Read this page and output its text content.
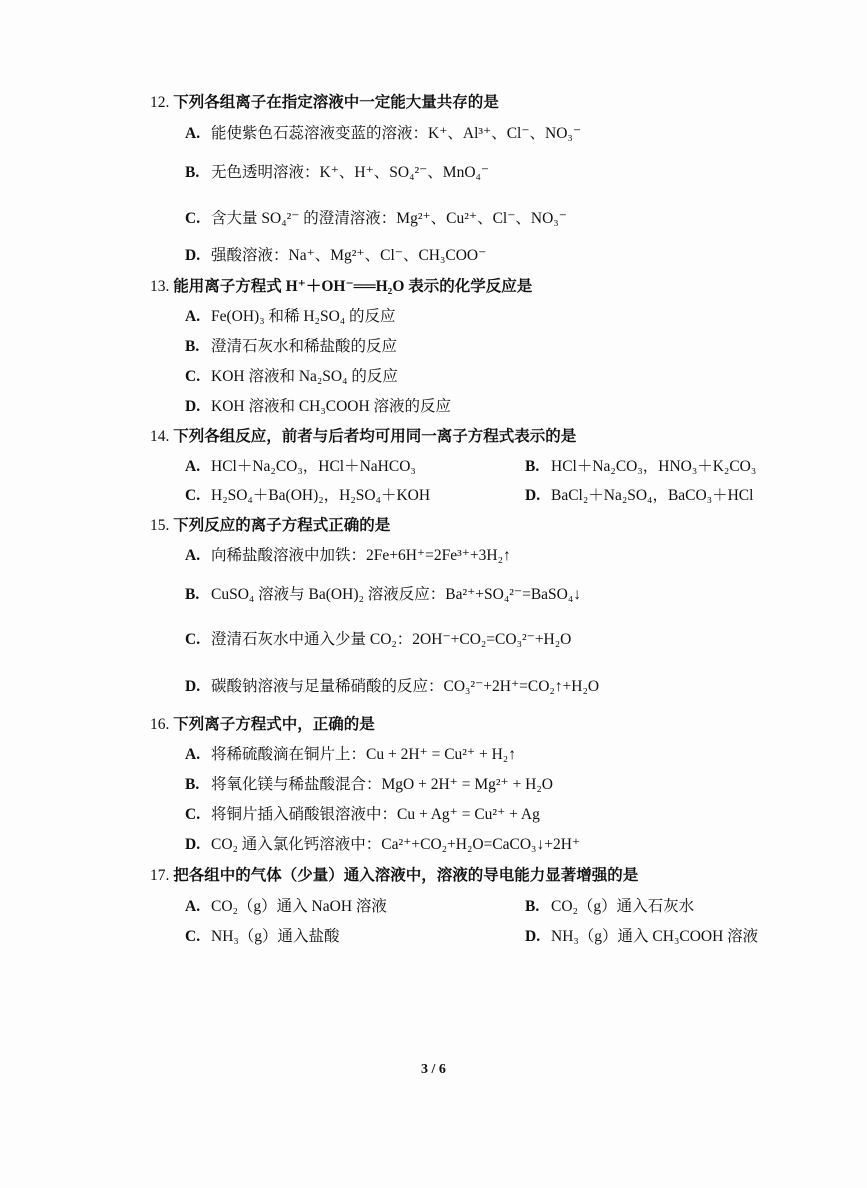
12. 下列各组离子在指定溶液中一定能大量共存的是
A. 能使紫色石蕊溶液变蓝的溶液：K⁺、Al³⁺、Cl⁻、NO₃⁻
B. 无色透明溶液：K⁺、H⁺、SO₄²⁻、MnO₄⁻
C. 含大量 SO₄²⁻ 的澄清溶液：Mg²⁺、Cu²⁺、Cl⁻、NO₃⁻
D. 强酸溶液：Na⁺、Mg²⁺、Cl⁻、CH₃COO⁻
13. 能用离子方程式 H⁺＋OH⁻══H₂O 表示的化学反应是
A. Fe(OH)₃ 和稀 H₂SO₄ 的反应
B. 澄清石灰水和稀盐酸的反应
C. KOH 溶液和 Na₂SO₄ 的反应
D. KOH 溶液和 CH₃COOH 溶液的反应
14. 下列各组反应，前者与后者均可用同一离子方程式表示的是
A. HCl＋Na₂CO₃，HCl＋NaHCO₃	B. HCl＋Na₂CO₃，HNO₃＋K₂CO₃
C. H₂SO₄＋Ba(OH)₂，H₂SO₄＋KOH	D. BaCl₂＋Na₂SO₄，BaCO₃＋HCl
15. 下列反应的离子方程式正确的是
A. 向稀盐酸溶液中加铁：2Fe+6H⁺=2Fe³⁺+3H₂↑
B. CuSO₄ 溶液与 Ba(OH)₂ 溶液反应：Ba²⁺+SO₄²⁻=BaSO₄↓
C. 澄清石灰水中通入少量 CO₂：2OH⁻+CO₂=CO₃²⁻+H₂O
D. 碳酸钠溶液与足量稀硝酸的反应：CO₃²⁻+2H⁺=CO₂↑+H₂O
16. 下列离子方程式中，正确的是
A. 将稀硫酸滴在铜片上：Cu + 2H⁺ = Cu²⁺ + H₂↑
B. 将氧化镁与稀盐酸混合：MgO + 2H⁺ = Mg²⁺ + H₂O
C. 将铜片插入硝酸银溶液中：Cu + Ag⁺ = Cu²⁺ + Ag
D. CO₂ 通入氯化钙溶液中：Ca²⁺+CO₂+H₂O=CaCO₃↓+2H⁺
17. 把各组中的气体（少量）通入溶液中，溶液的导电能力显著增强的是
A. CO₂（g）通入 NaOH 溶液	B. CO₂（g）通入石灰水
C. NH₃（g）通入盐酸	D. NH₃（g）通入 CH₃COOH 溶液
3 / 6
